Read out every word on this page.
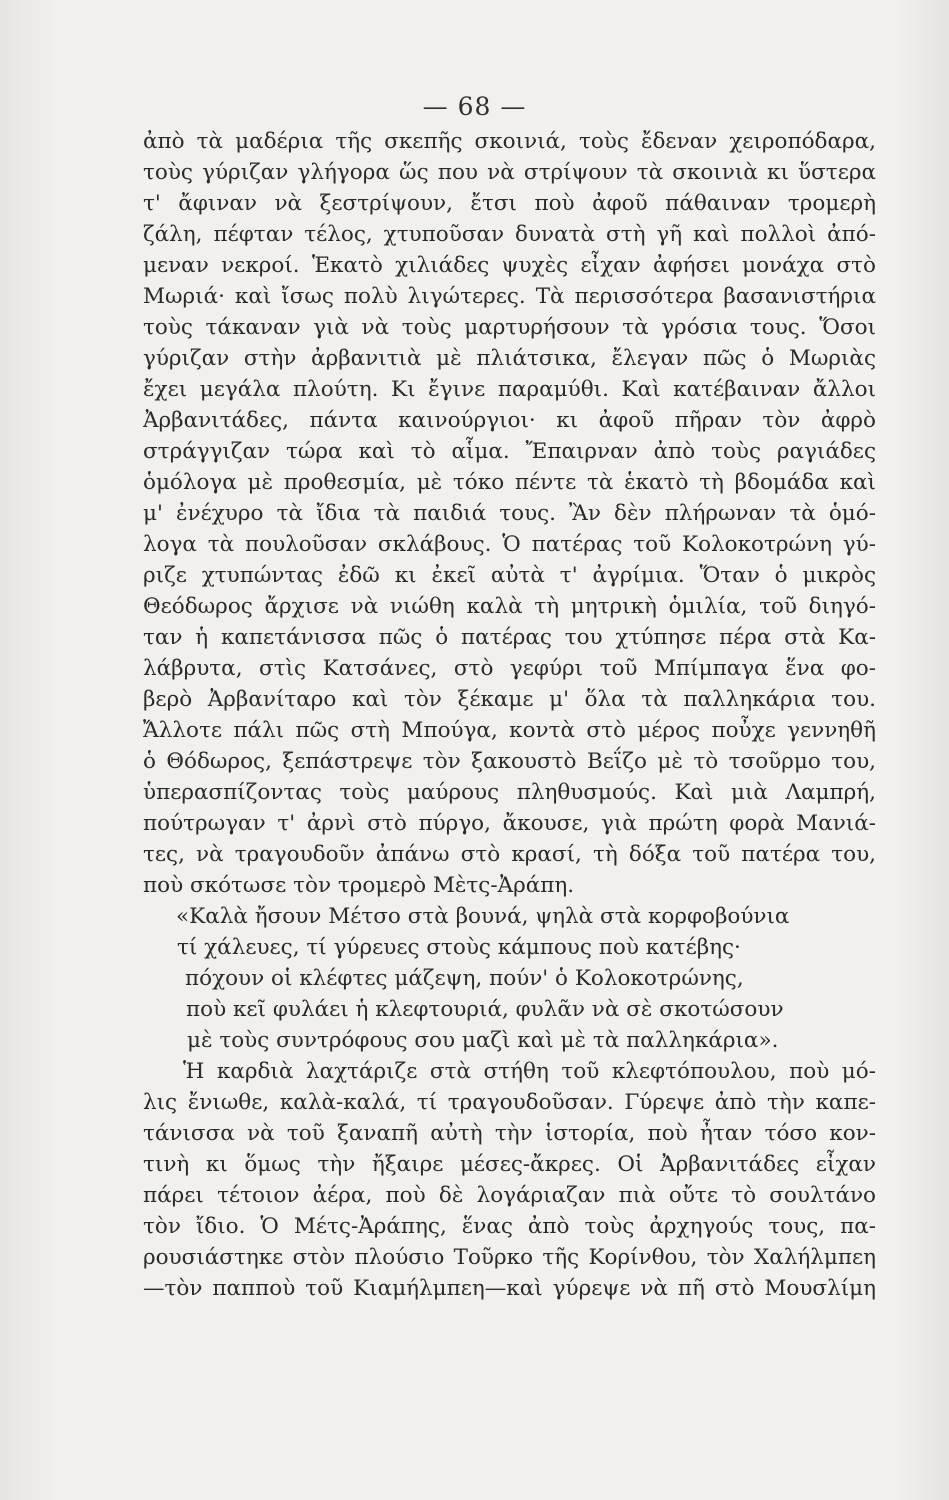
— 68 —
ἀπὸ τὰ μαδέρια τῆς σκεπῆς σκοινιά, τοὺς ἔδεναν χειροπόδαρα,
τοὺς γύριζαν γλήγορα ὥς που νὰ στρίψουν τὰ σκοινιὰ κι ὕστερα
τ' ἄφιναν νὰ ξεστρίψουν, ἔτσι ποὺ ἀφοῦ πάθαιναν τρομερὴ
ζάλη, πέφταν τέλος, χτυποῦσαν δυνατὰ στὴ γῆ καὶ πολλοὶ ἀπό-
μεναν νεκροί. Ἑκατὸ χιλιάδες ψυχὲς εἶχαν ἀφήσει μονάχα στὸ
Μωριά· καὶ ἴσως πολὺ λιγώτερες. Τὰ περισσότερα βασανιστήρια
τοὺς τάκαναν γιὰ νὰ τοὺς μαρτυρήσουν τὰ γρόσια τους. Ὅσοι
γύριζαν στὴν ἀρβανιτιὰ μὲ πλιάτσικα, ἔλεγαν πῶς ὁ Μωριὰς
ἔχει μεγάλα πλούτη. Κι ἔγινε παραμύθι. Καὶ κατέβαιναν ἄλλοι
Ἀρβανιτάδες, πάντα καινούργιοι· κι ἀφοῦ πῆραν τὸν ἀφρὸ
στράγγιζαν τώρα καὶ τὸ αἷμα. Ἔπαιρναν ἀπὸ τοὺς ραγιάδες
ὁμόλογα μὲ προθεσμία, μὲ τόκο πέντε τὰ ἑκατὸ τὴ βδομάδα καὶ
μ' ἐνέχυρο τὰ ἴδια τὰ παιδιά τους. Ἂν δὲν πλήρωναν τὰ ὁμό-
λογα τὰ πουλοῦσαν σκλάβους. Ὁ πατέρας τοῦ Κολοκοτρώνη γύ-
ριζε χτυπώντας ἐδῶ κι ἐκεῖ αὐτὰ τ' ἀγρίμια. Ὅταν ὁ μικρὸς
Θεόδωρος ἄρχισε νὰ νιώθη καλὰ τὴ μητρικὴ ὁμιλία, τοῦ διηγό-
ταν ἡ καπετάνισσα πῶς ὁ πατέρας του χτύπησε πέρα στὰ Κα-
λάβρυτα, στὶς Κατσάνες, στὸ γεφύρι τοῦ Μπίμπαγα ἕνα φο-
βερὸ Ἀρβανίταρο καὶ τὸν ξέκαμε μ' ὅλα τὰ παλληκάρια του.
Ἄλλοτε πάλι πῶς στὴ Μπούγα, κοντὰ στὸ μέρος ποὖχε γεννηθῆ
ὁ Θόδωρος, ξεπάστρεψε τὸν ξακουστὸ Βεΐζο μὲ τὸ τσοῦρμο του,
ὑπερασπίζοντας τοὺς μαύρους πληθυσμούς. Καὶ μιὰ Λαμπρή,
πούτρωγαν τ' ἀρνὶ στὸ πύργο, ἄκουσε, γιὰ πρώτη φορὰ Μανιά-
τες, νὰ τραγουδοῦν ἀπάνω στὸ κρασί, τὴ δόξα τοῦ πατέρα του,
ποὺ σκότωσε τὸν τρομερὸ Μὲτς-Ἀράπη.
«Καλὰ ἤσουν Μέτσο στὰ βουνά, ψηλὰ στὰ κορφοβούνια
τί χάλευες, τί γύρευες στοὺς κάμπους ποὺ κατέβης·
πόχουν οἱ κλέφτες μάζεψη, πούν' ὁ Κολοκοτρώνης,
ποὺ κεῖ φυλάει ἡ κλεφτουριά, φυλᾶν νὰ σὲ σκοτώσουν
μὲ τοὺς συντρόφους σου μαζὶ καὶ μὲ τὰ παλληκάρια».
Ἡ καρδιὰ λαχτάριζε στὰ στήθη τοῦ κλεφτόπουλου, ποὺ μό-
λις ἔνιωθε, καλὰ-καλά, τί τραγουδοῦσαν. Γύρεψε ἀπὸ τὴν καπε-
τάνισσα νὰ τοῦ ξαναπῆ αὐτὴ τὴν ἱστορία, ποὺ ἦταν τόσο κον-
τινὴ κι ὅμως τὴν ἤξαιρε μέσες-ἄκρες. Οἱ Ἀρβανιτάδες εἶχαν
πάρει τέτοιον ἀέρα, ποὺ δὲ λογάριαζαν πιὰ οὔτε τὸ σουλτάνο
τὸν ἴδιο. Ὁ Μέτς-Ἀράπης, ἕνας ἀπὸ τοὺς ἀρχηγούς τους, πα-
ρουσιάστηκε στὸν πλούσιο Τοῦρκο τῆς Κορίνθου, τὸν Χαλήλμπεη
—τὸν παπποὺ τοῦ Κιαμήλμπεη—καὶ γύρεψε νὰ πῆ στὸ Μουσλίμη
